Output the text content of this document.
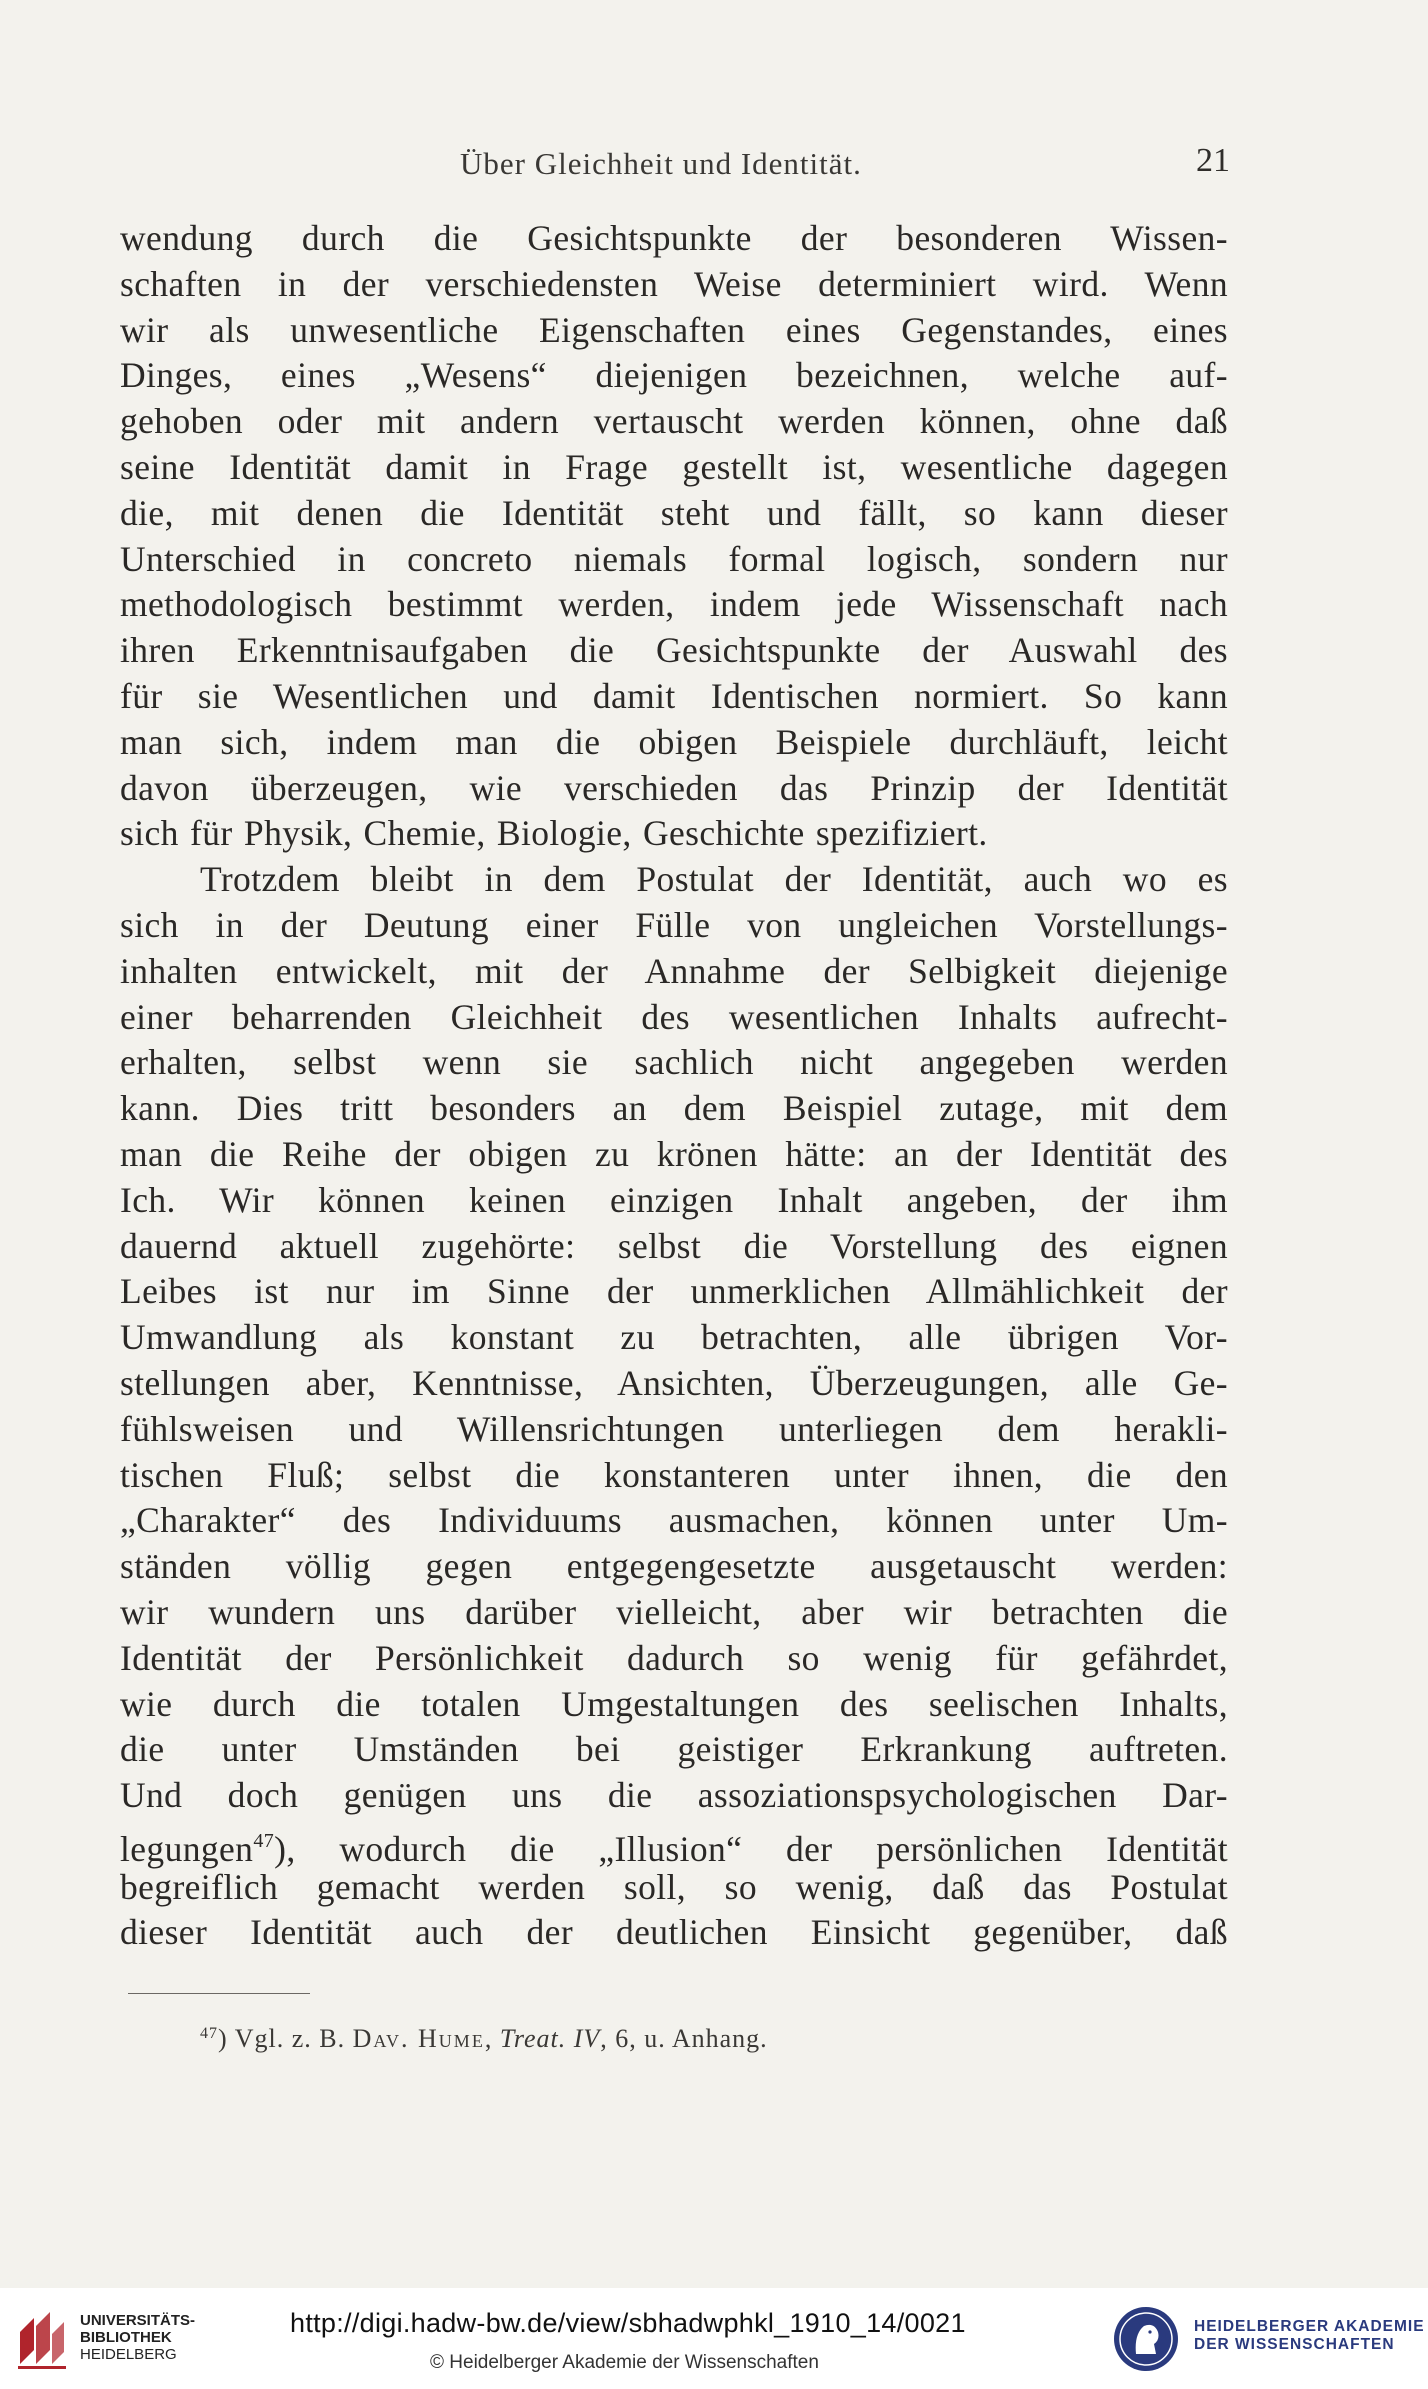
Über Gleichheit und Identität.	21
wendung durch die Gesichtspunkte der besonderen Wissen-
schaften in der verschiedensten Weise determiniert wird. Wenn
wir als unwesentliche Eigenschaften eines Gegenstandes, eines
Dinges, eines „Wesens“ diejenigen bezeichnen, welche auf-
gehoben oder mit andern vertauscht werden können, ohne daß
seine Identität damit in Frage gestellt ist, wesentliche dagegen
die, mit denen die Identität steht und fällt, so kann dieser
Unterschied in concreto niemals formal logisch, sondern nur
methodologisch bestimmt werden, indem jede Wissenschaft nach
ihren Erkenntnisaufgaben die Gesichtspunkte der Auswahl des
für sie Wesentlichen und damit Identischen normiert. So kann
man sich, indem man die obigen Beispiele durchläuft, leicht
davon überzeugen, wie verschieden das Prinzip der Identität
sich für Physik, Chemie, Biologie, Geschichte spezifiziert.
Trotzdem bleibt in dem Postulat der Identität, auch wo es
sich in der Deutung einer Fülle von ungleichen Vorstellungs-
inhalten entwickelt, mit der Annahme der Selbigkeit diejenige
einer beharrenden Gleichheit des wesentlichen Inhalts aufrecht-
erhalten, selbst wenn sie sachlich nicht angegeben werden
kann. Dies tritt besonders an dem Beispiel zutage, mit dem
man die Reihe der obigen zu krönen hätte: an der Identität des
Ich. Wir können keinen einzigen Inhalt angeben, der ihm
dauernd aktuell zugehörte: selbst die Vorstellung des eignen
Leibes ist nur im Sinne der unmerklichen Allmählichkeit der
Umwandlung als konstant zu betrachten, alle übrigen Vor-
stellungen aber, Kenntnisse, Ansichten, Überzeugungen, alle Ge-
fühlsweisen und Willensrichtungen unterliegen dem herakli-
tischen Fluß; selbst die konstanteren unter ihnen, die den
„Charakter“ des Individuums ausmachen, können unter Um-
ständen völlig gegen entgegengesetzte ausgetauscht werden:
wir wundern uns darüber vielleicht, aber wir betrachten die
Identität der Persönlichkeit dadurch so wenig für gefährdet,
wie durch die totalen Umgestaltungen des seelischen Inhalts,
die unter Umständen bei geistiger Erkrankung auftreten.
Und doch genügen uns die assoziationspsychologischen Dar-
legungen$^{47}$), wodurch die „Illusion“ der persönlichen Identität
begreiflich gemacht werden soll, so wenig, daß das Postulat
dieser Identität auch der deutlichen Einsicht gegenüber, daß
$^{47}$) Vgl. z. B. Dav. Hume, Treat. IV, 6, u. Anhang.
UNIVERSITÄTS-
BIBLIOTHEK
HEIDELBERG
http://digi.hadw-bw.de/view/sbhadwphkl_1910_14/0021
© Heidelberger Akademie der Wissenschaften
HEIDELBERGER AKADEMIE
DER WISSENSCHAFTEN
